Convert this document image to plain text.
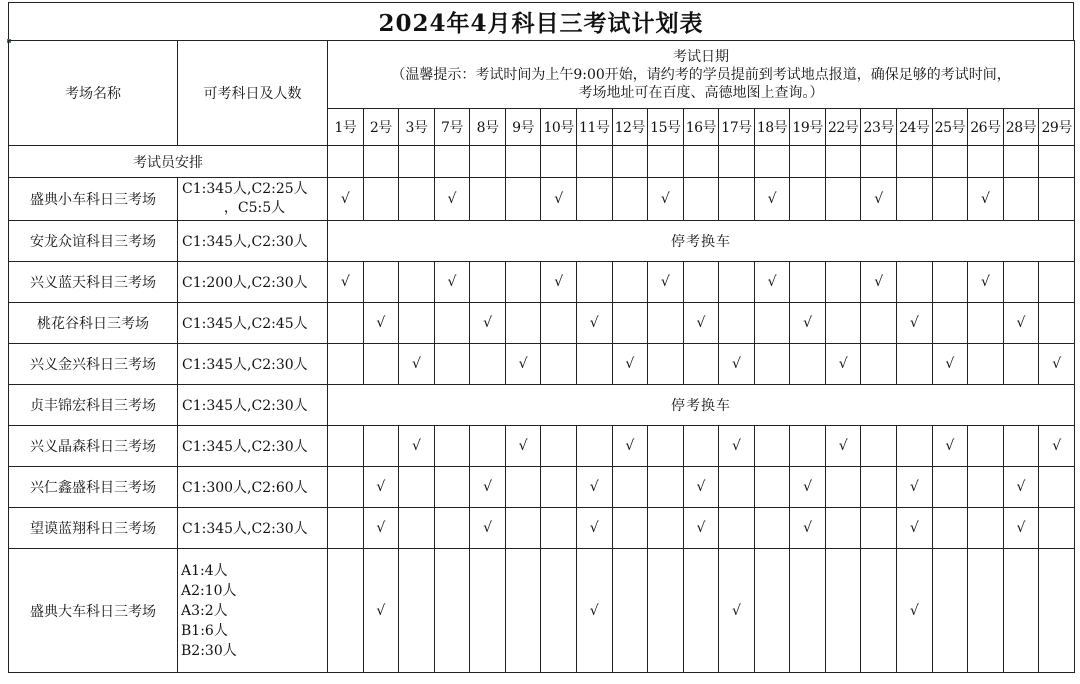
2024年4月科目三考试计划表
考场名称	可考科日及人数	考试日期
（温馨提示：考试时间为上午9:00开始，请约考的学员提前到考试地点报道，确保足够的考试时间，
考场地址可在百度、高德地图上查询。）																				

		1号	2号	3号	7号	8号	9号	10号	11号	12号	15号	16号	17号	18号	19号	22号	23号	24号	25号	26号	28号	29号
考试员安排																						
盛典小车科日三考场	C1:345人,C2:25人
，C5:5人	√			√			√			√			√			√			√		
安龙众谊科目三考场	C1:345人,C2:30人	停考换车																				
兴义蓝天科目三考场	C1:200人,C2:30人	√			√			√			√			√			√			√		
桃花谷科日三考场	C1:345人,C2:45人		√			√			√			√			√			√			√	
兴义金兴科日三考场	C1:345人,C2:30人			√			√			√			√			√			√			√
贞丰锦宏科目三考场	C1:345人,C2:30人	停考换车																				
兴义晶森科日三考场	C1:345人,C2:30人			√			√			√			√			√			√			√
兴仁鑫盛科目三考场	C1:300人,C2:60人		√			√			√			√			√			√			√	
望谟蓝翔科日三考场	C1:345人,C2:30人		√			√			√			√			√			√			√	
盛典大车科日三考场	A1:4人
A2:10人
A3:2人
B1:6人
B2:30人		√						√				√					√				
